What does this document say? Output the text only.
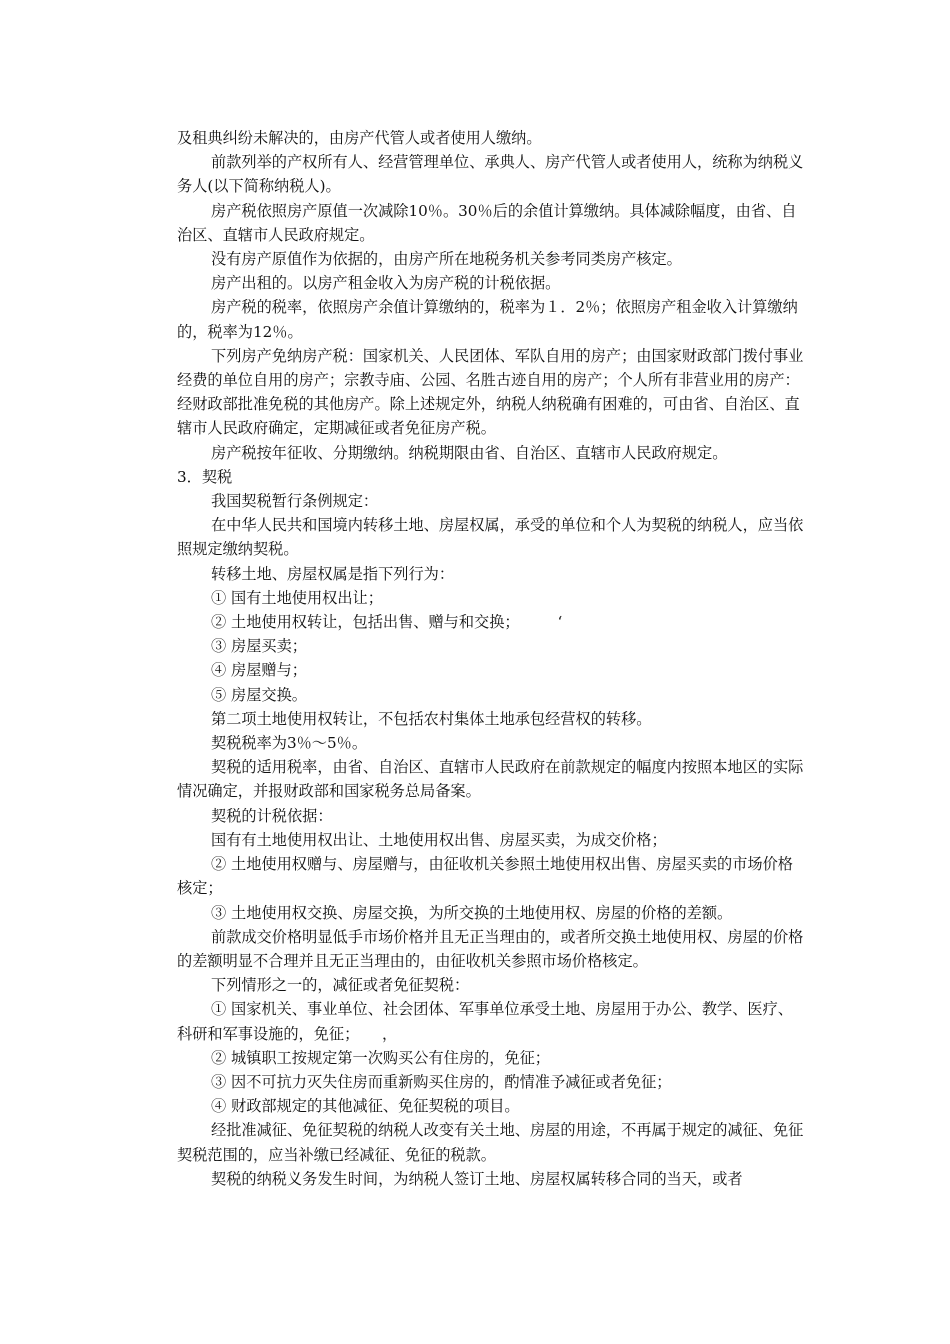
及租典纠纷未解决的，由房产代管人或者使用人缴纳。

前款列举的产权所有人、经营管理单位、承典人、房产代管人或者使用人，统称为纳税义务人(以下简称纳税人)。

房产税依照房产原值一次减除10％。30％后的余值计算缴纳。具体减除幅度，由省、自治区、直辖市人民政府规定。

没有房产原值作为依据的，由房产所在地税务机关参考同类房产核定。

房产出租的。以房产租金收入为房产税的计税依据。

房产税的税率，依照房产余值计算缴纳的，税率为１．2％；依照房产租金收入计算缴纳的，税率为12％。

下列房产免纳房产税：国家机关、人民团体、军队自用的房产；由国家财政部门拨付事业经费的单位自用的房产；宗教寺庙、公园、名胜古迹自用的房产；个人所有非营业用的房产：经财政部批准免税的其他房产。除上述规定外，纳税人纳税确有困难的，可由省、自治区、直辖市人民政府确定，定期减征或者免征房产税。

房产税按年征收、分期缴纳。纳税期限由省、自治区、直辖市人民政府规定。

3．契税

我国契税暂行条例规定：

在中华人民共和国境内转移土地、房屋权属，承受的单位和个人为契税的纳税人，应当依照规定缴纳契税。

转移土地、房屋权属是指下列行为：

① 国有土地使用权出让；

② 土地使用权转让，包括出售、赠与和交换；　　　‘

③ 房屋买卖；

④ 房屋赠与；

⑤ 房屋交换。

第二项土地使用权转让，不包括农村集体土地承包经营权的转移。

契税税率为3％～5％。

契税的适用税率，由省、自治区、直辖市人民政府在前款规定的幅度内按照本地区的实际情况确定，并报财政部和国家税务总局备案。

契税的计税依据：

国有有土地使用权出让、土地使用权出售、房屋买卖，为成交价格；

② 土地使用权赠与、房屋赠与，由征收机关参照土地使用权出售、房屋买卖的市场价格核定；

③ 土地使用权交换、房屋交换，为所交换的土地使用权、房屋的价格的差额。

前款成交价格明显低手市场价格并且无正当理由的，或者所交换土地使用权、房屋的价格的差额明显不合理并且无正当理由的，由征收机关参照市场价格核定。

下列情形之一的，减征或者免征契税：

① 国家机关、事业单位、社会团体、军事单位承受土地、房屋用于办公、教学、医疗、科研和军事设施的，免征；　　，

② 城镇职工按规定第一次购买公有住房的，免征；

③ 因不可抗力灭失住房而重新购买住房的，酌情准予减征或者免征；

④ 财政部规定的其他减征、免征契税的项目。

经批准减征、免征契税的纳税人改变有关土地、房屋的用途，不再属于规定的减征、免征契税范围的，应当补缴已经减征、免征的税款。

契税的纳税义务发生时间，为纳税人签订土地、房屋权属转移合同的当天，或者
